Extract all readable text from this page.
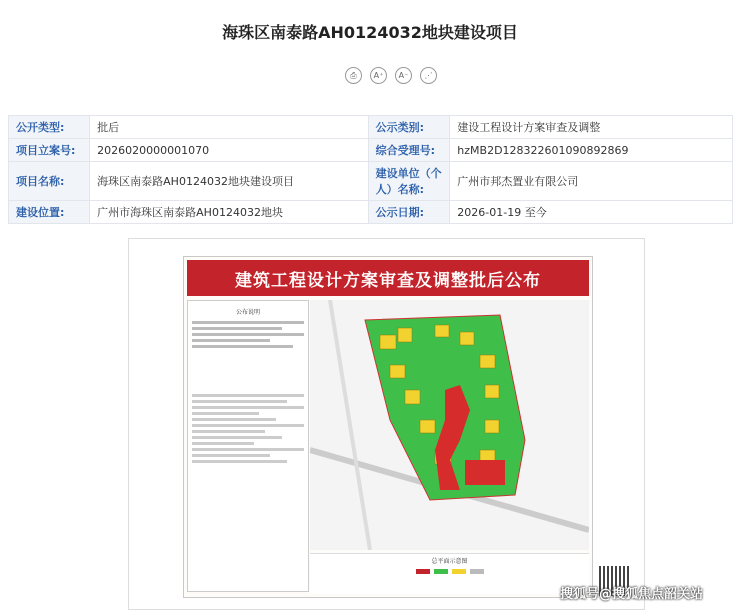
海珠区南泰路AH0124032地块建设项目
⎙	A⁺	A⁻	⋰
公开类型:	批后	公示类别:	建设工程设计方案审查及调整
项目立案号:	2026020000001070	综合受理号:	hzMB2D128322601090892869
项目名称:	海珠区南泰路AH0124032地块建设项目	建设单位（个人）名称:	广州市邦杰置业有限公司
建设位置:	广州市海珠区南泰路AH0124032地块	公示日期:	2026-01-19 至今
建筑工程设计方案审查及调整批后公布
公布说明
总平面示意图
搜狐号@搜狐焦点韶关站
